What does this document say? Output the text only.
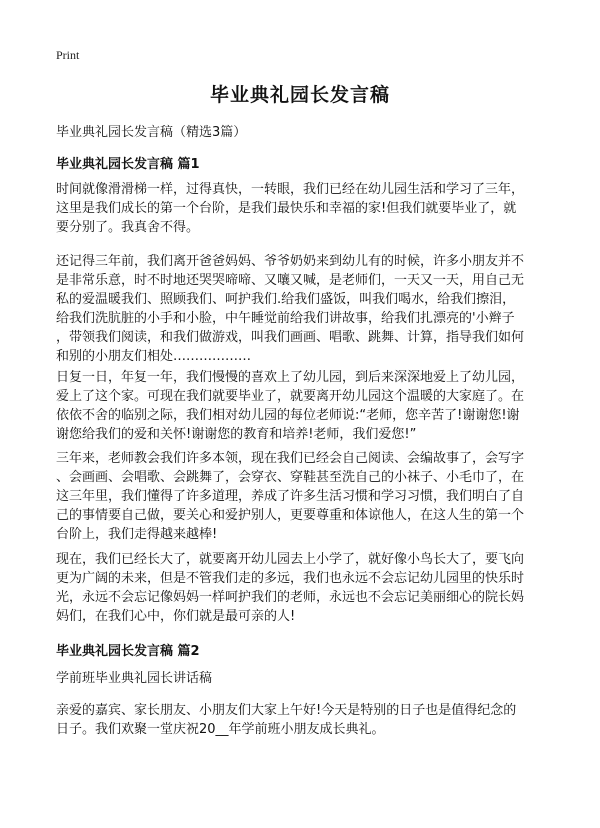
Print
毕业典礼园长发言稿

毕业典礼园长发言稿（精选3篇）

毕业典礼园长发言稿 篇1

时间就像滑滑梯一样，过得真快，一转眼，我们已经在幼儿园生活和学习了三年，
这里是我们成长的第一个台阶，是我们最快乐和幸福的家!但我们就要毕业了，就
要分别了。我真舍不得。

还记得三年前，我们离开爸爸妈妈、爷爷奶奶来到幼儿有的时候，许多小朋友并不
是非常乐意，时不时地还哭哭啼啼、又嚷又喊，是老师们，一天又一天，用自己无
私的爱温暖我们、照顾我们、呵护我们.给我们盛饭，叫我们喝水，给我们擦泪，
给我们洗肮脏的小手和小脸，中午睡觉前给我们讲故事，给我们扎漂亮的'小辫子
，带领我们阅读，和我们做游戏，叫我们画画、唱歌、跳舞、计算，指导我们如何
和别的小朋友们相处………………

日复一日，年复一年，我们慢慢的喜欢上了幼儿园，到后来深深地爱上了幼儿园，
爱上了这个家。可现在我们就要毕业了，就要离开幼儿园这个温暖的大家庭了。在
依依不舍的临别之际，我们相对幼儿园的每位老师说:“老师，您辛苦了!谢谢您!谢
谢您给我们的爱和关怀!谢谢您的教育和培养!老师，我们爱您!”

三年来，老师教会我们许多本领，现在我们已经会自己阅读、会编故事了，会写字
、会画画、会唱歌、会跳舞了，会穿衣、穿鞋甚至洗自己的小袜子、小毛巾了，在
这三年里，我们懂得了许多道理，养成了许多生活习惯和学习习惯，我们明白了自
己的事情要自己做，要关心和爱护别人，更要尊重和体谅他人，在这人生的第一个
台阶上，我们走得越来越棒!

现在，我们已经长大了，就要离开幼儿园去上小学了，就好像小鸟长大了，要飞向
更为广阔的未来，但是不管我们走的多远，我们也永远不会忘记幼儿园里的快乐时
光，永远不会忘记像妈妈一样呵护我们的老师，永远也不会忘记美丽细心的院长妈
妈们，在我们心中，你们就是最可亲的人!

毕业典礼园长发言稿 篇2

学前班毕业典礼园长讲话稿

亲爱的嘉宾、家长朋友、小朋友们大家上午好!今天是特别的日子也是值得纪念的
日子。我们欢聚一堂庆祝20__年学前班小朋友成长典礼。
